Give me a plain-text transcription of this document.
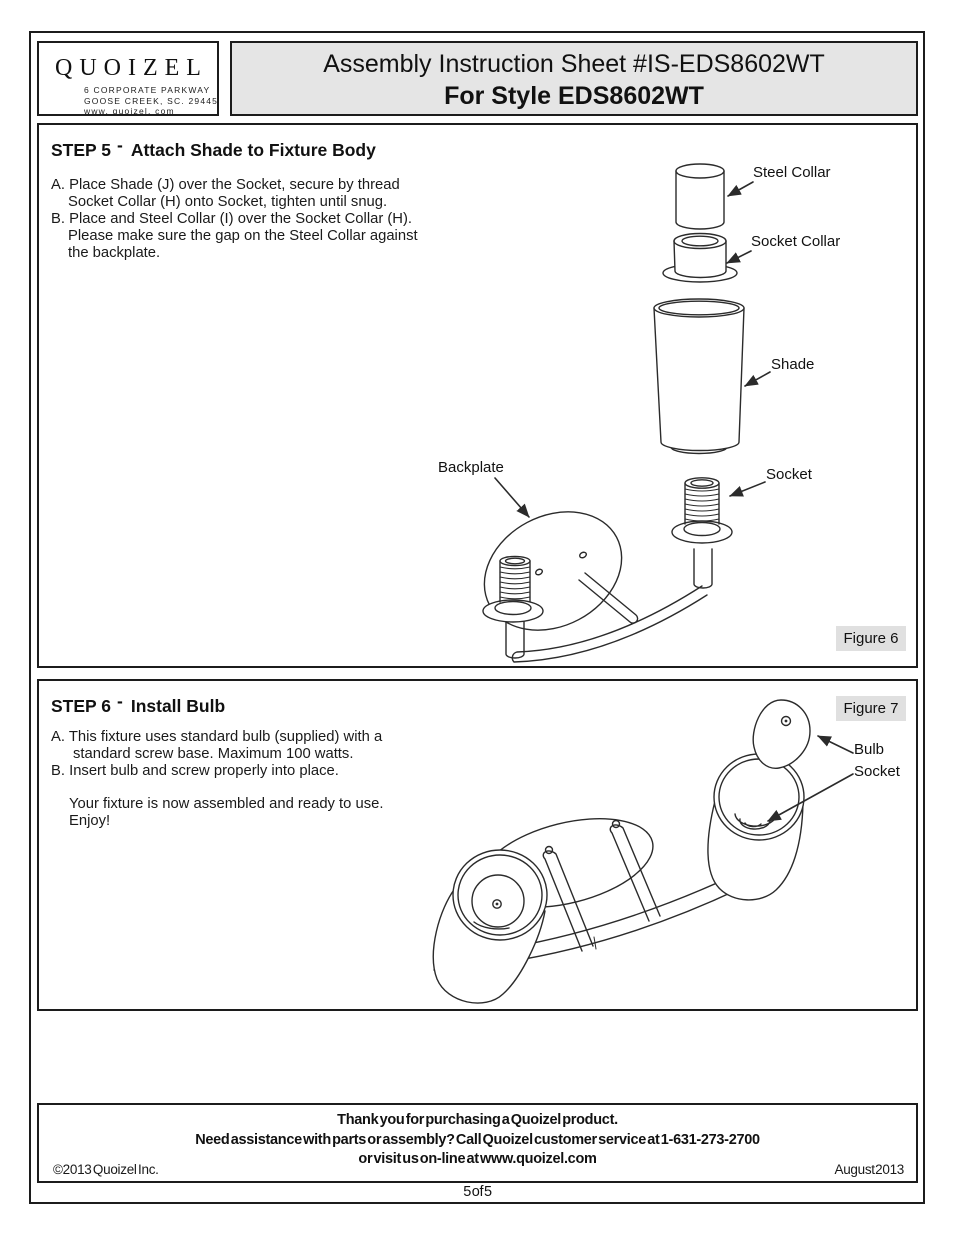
QUOIZEL
6 CORPORATE PARKWAY
GOOSE CREEK, SC. 29445
www. quoizel. com
Assembly Instruction Sheet #IS-EDS8602WT
For Style EDS8602WT
STEP 5 - Attach Shade to Fixture Body
A. Place Shade (J) over the Socket, secure by thread
Socket Collar (H) onto Socket, tighten until snug.
B. Place and Steel Collar (I) over the Socket Collar (H).
Please make sure the gap on the Steel Collar against
the backplate.
Steel Collar
Socket Collar
Shade
Backplate	Socket
Figure 6
STEP 6 - Install Bulb
A. This fixture uses standard bulb (supplied) with a
standard screw base. Maximum 100 watts.
B. Insert bulb and screw properly into place.
Your fixture is now assembled and ready to use.
Enjoy!
Figure 7
Bulb
Socket
Thank you for purchasing a Quoizel product.
Need assistance with parts or assembly? Call Quoizel customer service at 1-631-273-2700
or visit us on-line at www.quoizel.com
©2013 Quoizel Inc.	August 2013
5 of 5
